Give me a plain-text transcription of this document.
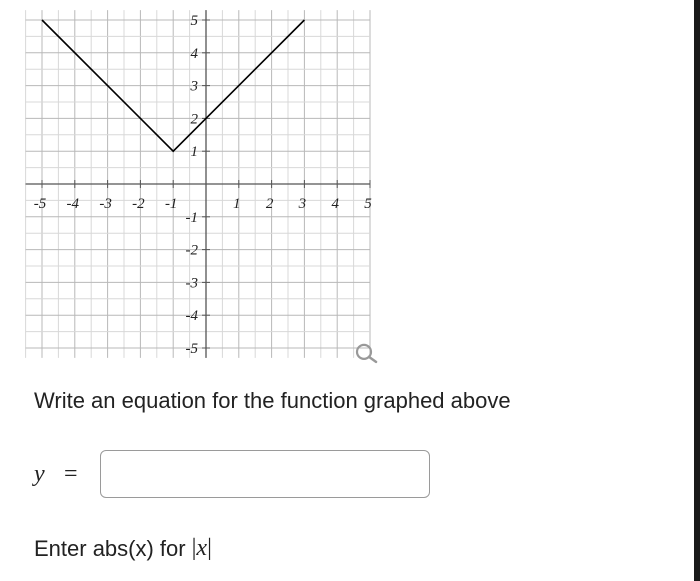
-5 -4 -3 -2 -1	1 2 3 4 5
5
4
3
2
1
-1
-2
-3
-4
-5
Write an equation for the function graphed above
y =
Enter abs(x) for |x|
